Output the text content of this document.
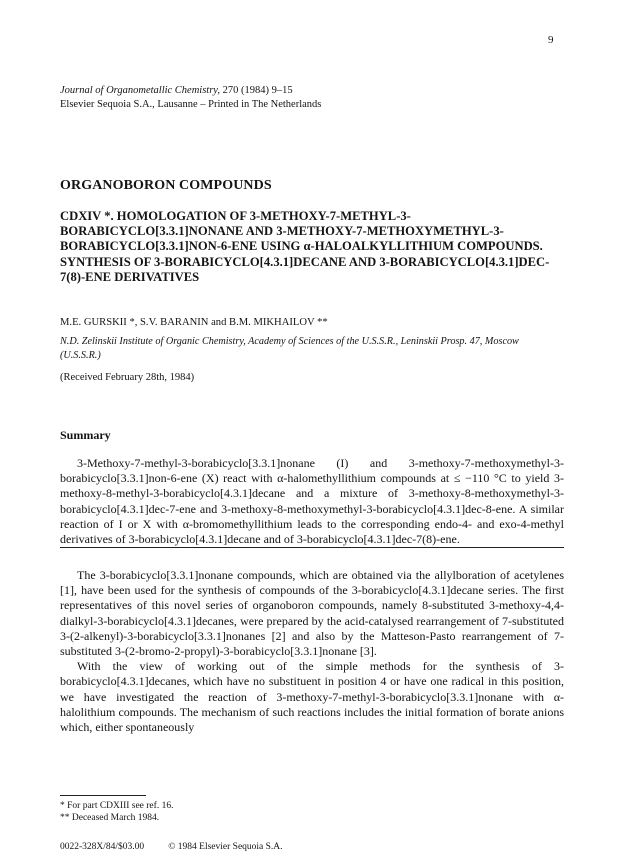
9
Journal of Organometallic Chemistry, 270 (1984) 9–15
Elsevier Sequoia S.A., Lausanne – Printed in The Netherlands
ORGANOBORON COMPOUNDS
CDXIV *. HOMOLOGATION OF 3-METHOXY-7-METHYL-3-BORABICYCLO[3.3.1]NONANE AND 3-METHOXY-7-METHOXYMETHYL-3-BORABICYCLO[3.3.1]NON-6-ENE USING α-HALOALKYLLITHIUM COMPOUNDS. SYNTHESIS OF 3-BORABICYCLO[4.3.1]DECANE AND 3-BORABICYCLO[4.3.1]DEC-7(8)-ENE DERIVATIVES
M.E. GURSKII *, S.V. BARANIN and B.M. MIKHAILOV **
N.D. Zelinskii Institute of Organic Chemistry, Academy of Sciences of the U.S.S.R., Leninskii Prosp. 47, Moscow (U.S.S.R.)
(Received February 28th, 1984)
Summary

3-Methoxy-7-methyl-3-borabicyclo[3.3.1]nonane (I) and 3-methoxy-7-methoxymethyl-3-borabicyclo[3.3.1]non-6-ene (X) react with α-halomethyllithium compounds at ≤ −110 °C to yield 3-methoxy-8-methyl-3-borabicyclo[4.3.1]decane and a mixture of 3-methoxy-8-methoxymethyl-3-borabicyclo[4.3.1]dec-7-ene and 3-methoxy-8-methoxymethyl-3-borabicyclo[4.3.1]dec-8-ene. A similar reaction of I or X with α-bromomethyllithium leads to the corresponding endo-4- and exo-4-methyl derivatives of 3-borabicyclo[4.3.1]decane and of 3-borabicyclo[4.3.1]dec-7(8)-ene.

The 3-borabicyclo[3.3.1]nonane compounds, which are obtained via the allylboration of acetylenes [1], have been used for the synthesis of compounds of the 3-borabicyclo[4.3.1]decane series. The first representatives of this novel series of organoboron compounds, namely 8-substituted 3-methoxy-4,4-dialkyl-3-borabicyclo[4.3.1]decanes, were prepared by the acid-catalysed rearrangement of 7-substituted 3-(2-alkenyl)-3-borabicyclo[3.3.1]nonanes [2] and also by the Matteson-Pasto rearrangement of 7-substituted 3-(2-bromo-2-propyl)-3-borabicyclo[3.3.1]nonane [3].

With the view of working out of the simple methods for the synthesis of 3-borabicyclo[4.3.1]decanes, which have no substituent in position 4 or have one radical in this position, we have investigated the reaction of 3-methoxy-7-methyl-3-borabicyclo[3.3.1]nonane with α-halolithium compounds. The mechanism of such reactions includes the initial formation of borate anions which, either spontaneously

* For part CDXIII see ref. 16.
** Deceased March 1984.
0022-328X/84/$03.00	© 1984 Elsevier Sequoia S.A.
